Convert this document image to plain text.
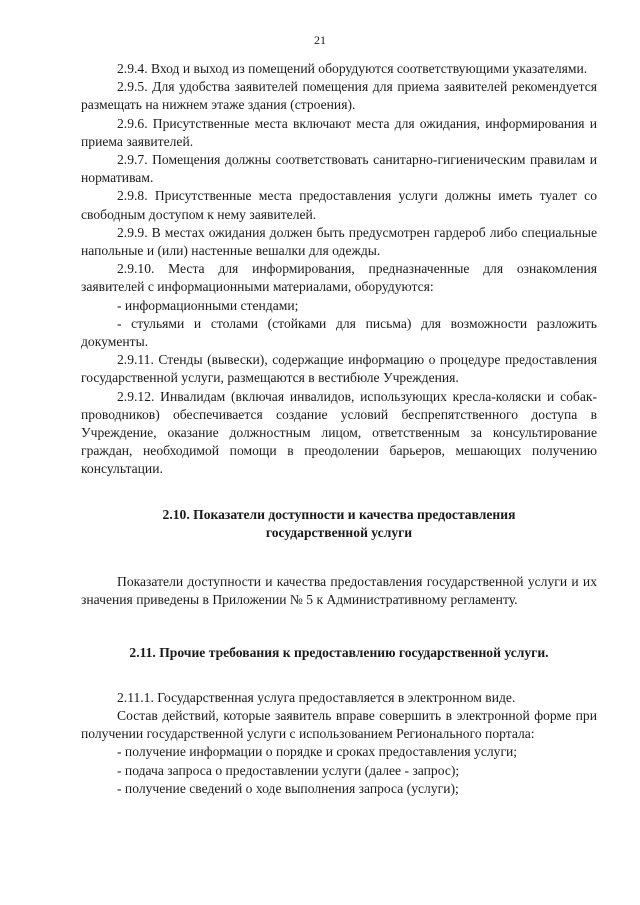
21

2.9.4. Вход и выход из помещений оборудуются соответствующими указателями.

2.9.5. Для удобства заявителей помещения для приема заявителей рекомендуется размещать на нижнем этаже здания (строения).

2.9.6. Присутственные места включают места для ожидания, информирования и приема заявителей.

2.9.7. Помещения должны соответствовать санитарно-гигиеническим правилам и нормативам.

2.9.8. Присутственные места предоставления услуги должны иметь туалет со свободным доступом к нему заявителей.

2.9.9. В местах ожидания должен быть предусмотрен гардероб либо специальные напольные и (или) настенные вешалки для одежды.

2.9.10. Места для информирования, предназначенные для ознакомления заявителей с информационными материалами, оборудуются:

- информационными стендами;

- стульями и столами (стойками для письма) для возможности разложить документы.

2.9.11. Стенды (вывески), содержащие информацию о процедуре предоставления государственной услуги, размещаются в вестибюле Учреждения.

2.9.12. Инвалидам (включая инвалидов, использующих кресла-коляски и собак-проводников) обеспечивается создание условий беспрепятственного доступа в Учреждение, оказание должностным лицом, ответственным за консультирование граждан, необходимой помощи в преодолении барьеров, мешающих получению консультации.

2.10. Показатели доступности и качества предоставления
государственной услуги

Показатели доступности и качества предоставления государственной услуги и их значения приведены в Приложении № 5 к Административному регламенту.

2.11. Прочие требования к предоставлению государственной услуги.

2.11.1. Государственная услуга предоставляется в электронном виде.

Состав действий, которые заявитель вправе совершить в электронной форме при получении государственной услуги с использованием Регионального портала:

- получение информации о порядке и сроках предоставления услуги;

- подача запроса о предоставлении услуги (далее - запрос);

- получение сведений о ходе выполнения запроса (услуги);
